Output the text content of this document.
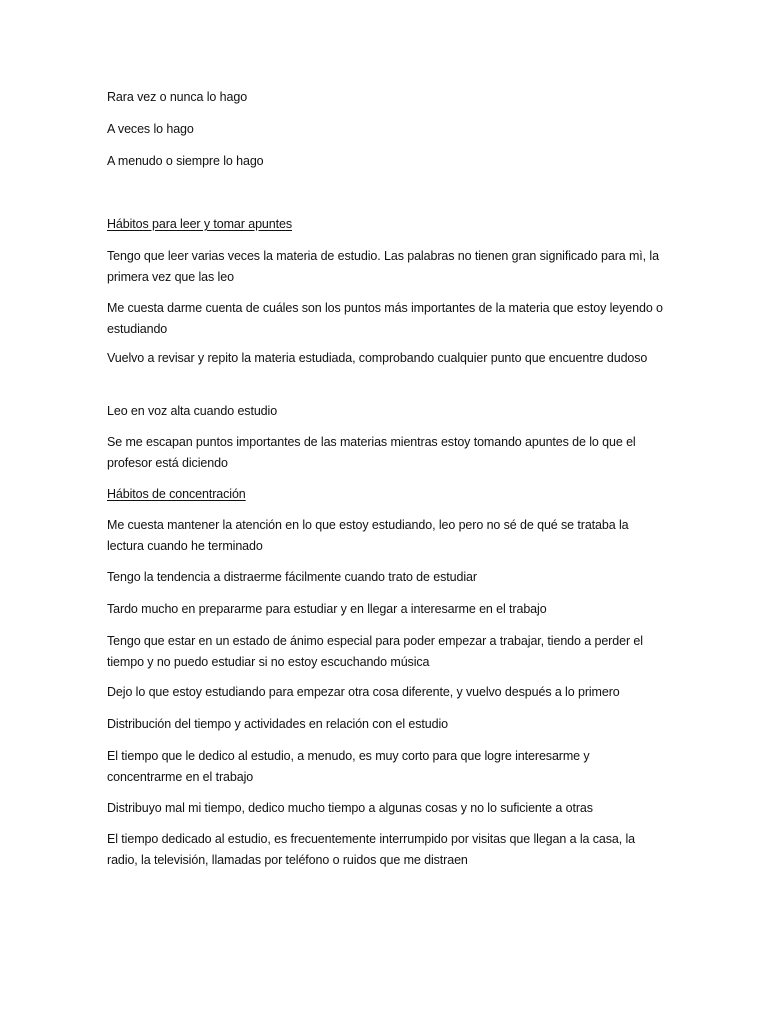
Rara vez o nunca lo hago

A veces lo hago

A menudo o siempre lo hago

Hábitos para leer y tomar apuntes

Tengo que leer varias veces la materia de estudio. Las palabras no tienen gran significado para mì, la primera vez que las leo

Me cuesta darme cuenta de cuáles son los puntos más importantes de la materia que estoy leyendo o estudiando

Vuelvo a revisar y repito la materia estudiada, comprobando cualquier punto que encuentre dudoso

Leo en voz alta cuando estudio

Se me escapan puntos importantes de las materias mientras estoy tomando apuntes de lo que el profesor está diciendo

Hábitos de concentración

Me cuesta mantener la atención en lo que estoy estudiando, leo pero no sé de qué se trataba la lectura cuando he terminado

Tengo la tendencia a distraerme fácilmente cuando trato de estudiar

Tardo mucho en prepararme para estudiar y en llegar a interesarme en el trabajo

Tengo que estar en un estado de ánimo especial para poder empezar a trabajar, tiendo a perder el tiempo y no puedo estudiar si no estoy escuchando música

Dejo lo que estoy estudiando para empezar otra cosa diferente, y vuelvo después a lo primero

Distribución del tiempo y actividades en relación con el estudio

El tiempo que le dedico al estudio, a menudo, es muy corto para que logre interesarme y concentrarme en el trabajo

Distribuyo mal mi tiempo, dedico mucho tiempo a algunas cosas y no lo suficiente a otras

El tiempo dedicado al estudio, es frecuentemente interrumpido por visitas que llegan a la casa, la radio, la televisión, llamadas por teléfono o ruidos que me distraen
